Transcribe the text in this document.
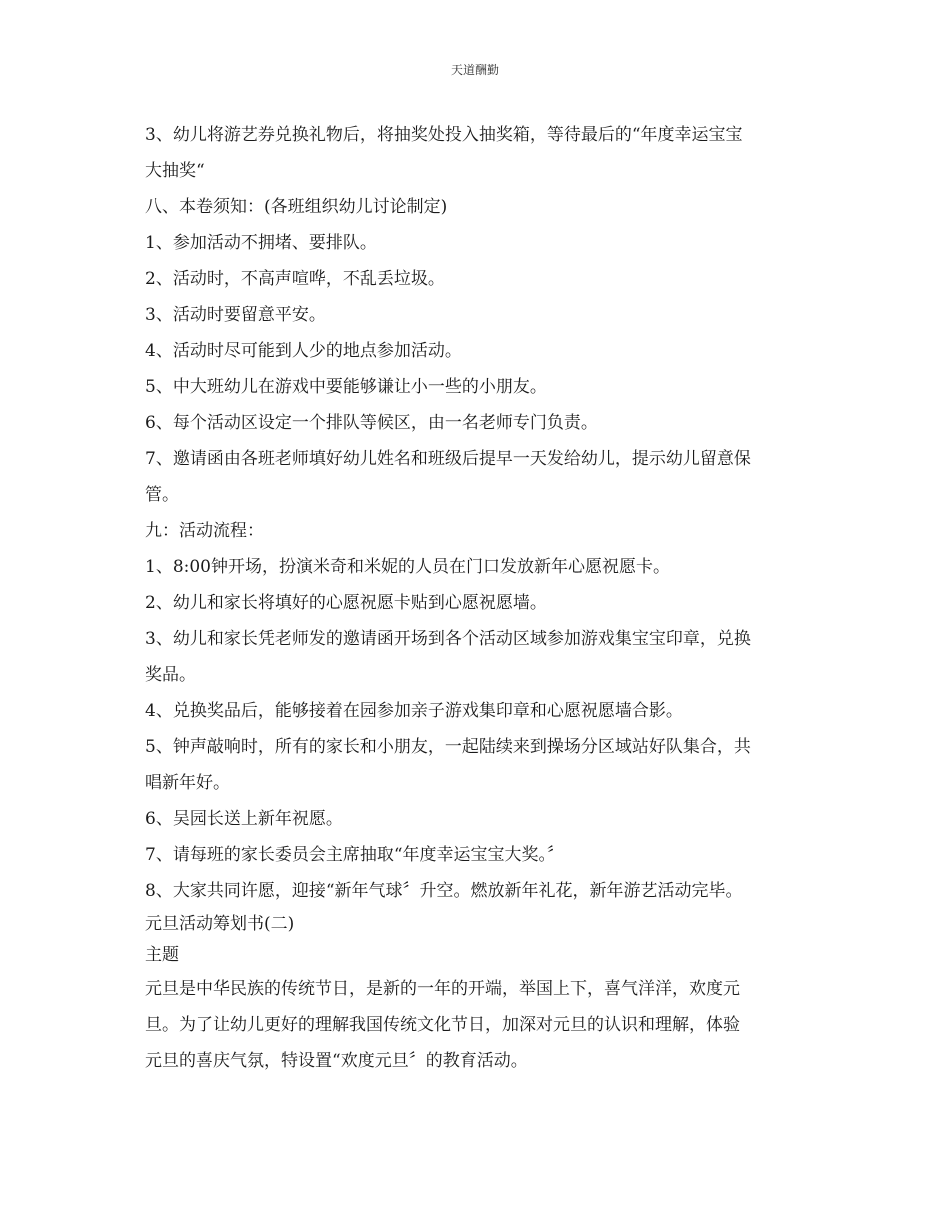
天道酬勤
3、幼儿将游艺券兑换礼物后，将抽奖处投入抽奖箱，等待最后的“年度幸运宝宝
大抽奖“
八、本卷须知：(各班组织幼儿讨论制定)
1、参加活动不拥堵、要排队。
2、活动时，不高声喧哗，不乱丢垃圾。
3、活动时要留意平安。
4、活动时尽可能到人少的地点参加活动。
5、中大班幼儿在游戏中要能够谦让小一些的小朋友。
6、每个活动区设定一个排队等候区，由一名老师专门负责。
7、邀请函由各班老师填好幼儿姓名和班级后提早一天发给幼儿，提示幼儿留意保
管。
九：活动流程：
1、8:00钟开场，扮演米奇和米妮的人员在门口发放新年心愿祝愿卡。
2、幼儿和家长将填好的心愿祝愿卡贴到心愿祝愿墙。
3、幼儿和家长凭老师发的邀请函开场到各个活动区域参加游戏集宝宝印章，兑换
奖品。
4、兑换奖品后，能够接着在园参加亲子游戏集印章和心愿祝愿墙合影。
5、钟声敲响时，所有的家长和小朋友，一起陆续来到操场分区域站好队集合，共
唱新年好。
6、吴园长送上新年祝愿。
7、请每班的家长委员会主席抽取“年度幸运宝宝大奖。〞
8、大家共同许愿，迎接“新年气球〞升空。燃放新年礼花，新年游艺活动完毕。
元旦活动筹划书(二)
主题
元旦是中华民族的传统节日，是新的一年的开端，举国上下，喜气洋洋，欢度元
旦。为了让幼儿更好的理解我国传统文化节日，加深对元旦的认识和理解，体验
元旦的喜庆气氛，特设置“欢度元旦〞的教育活动。
